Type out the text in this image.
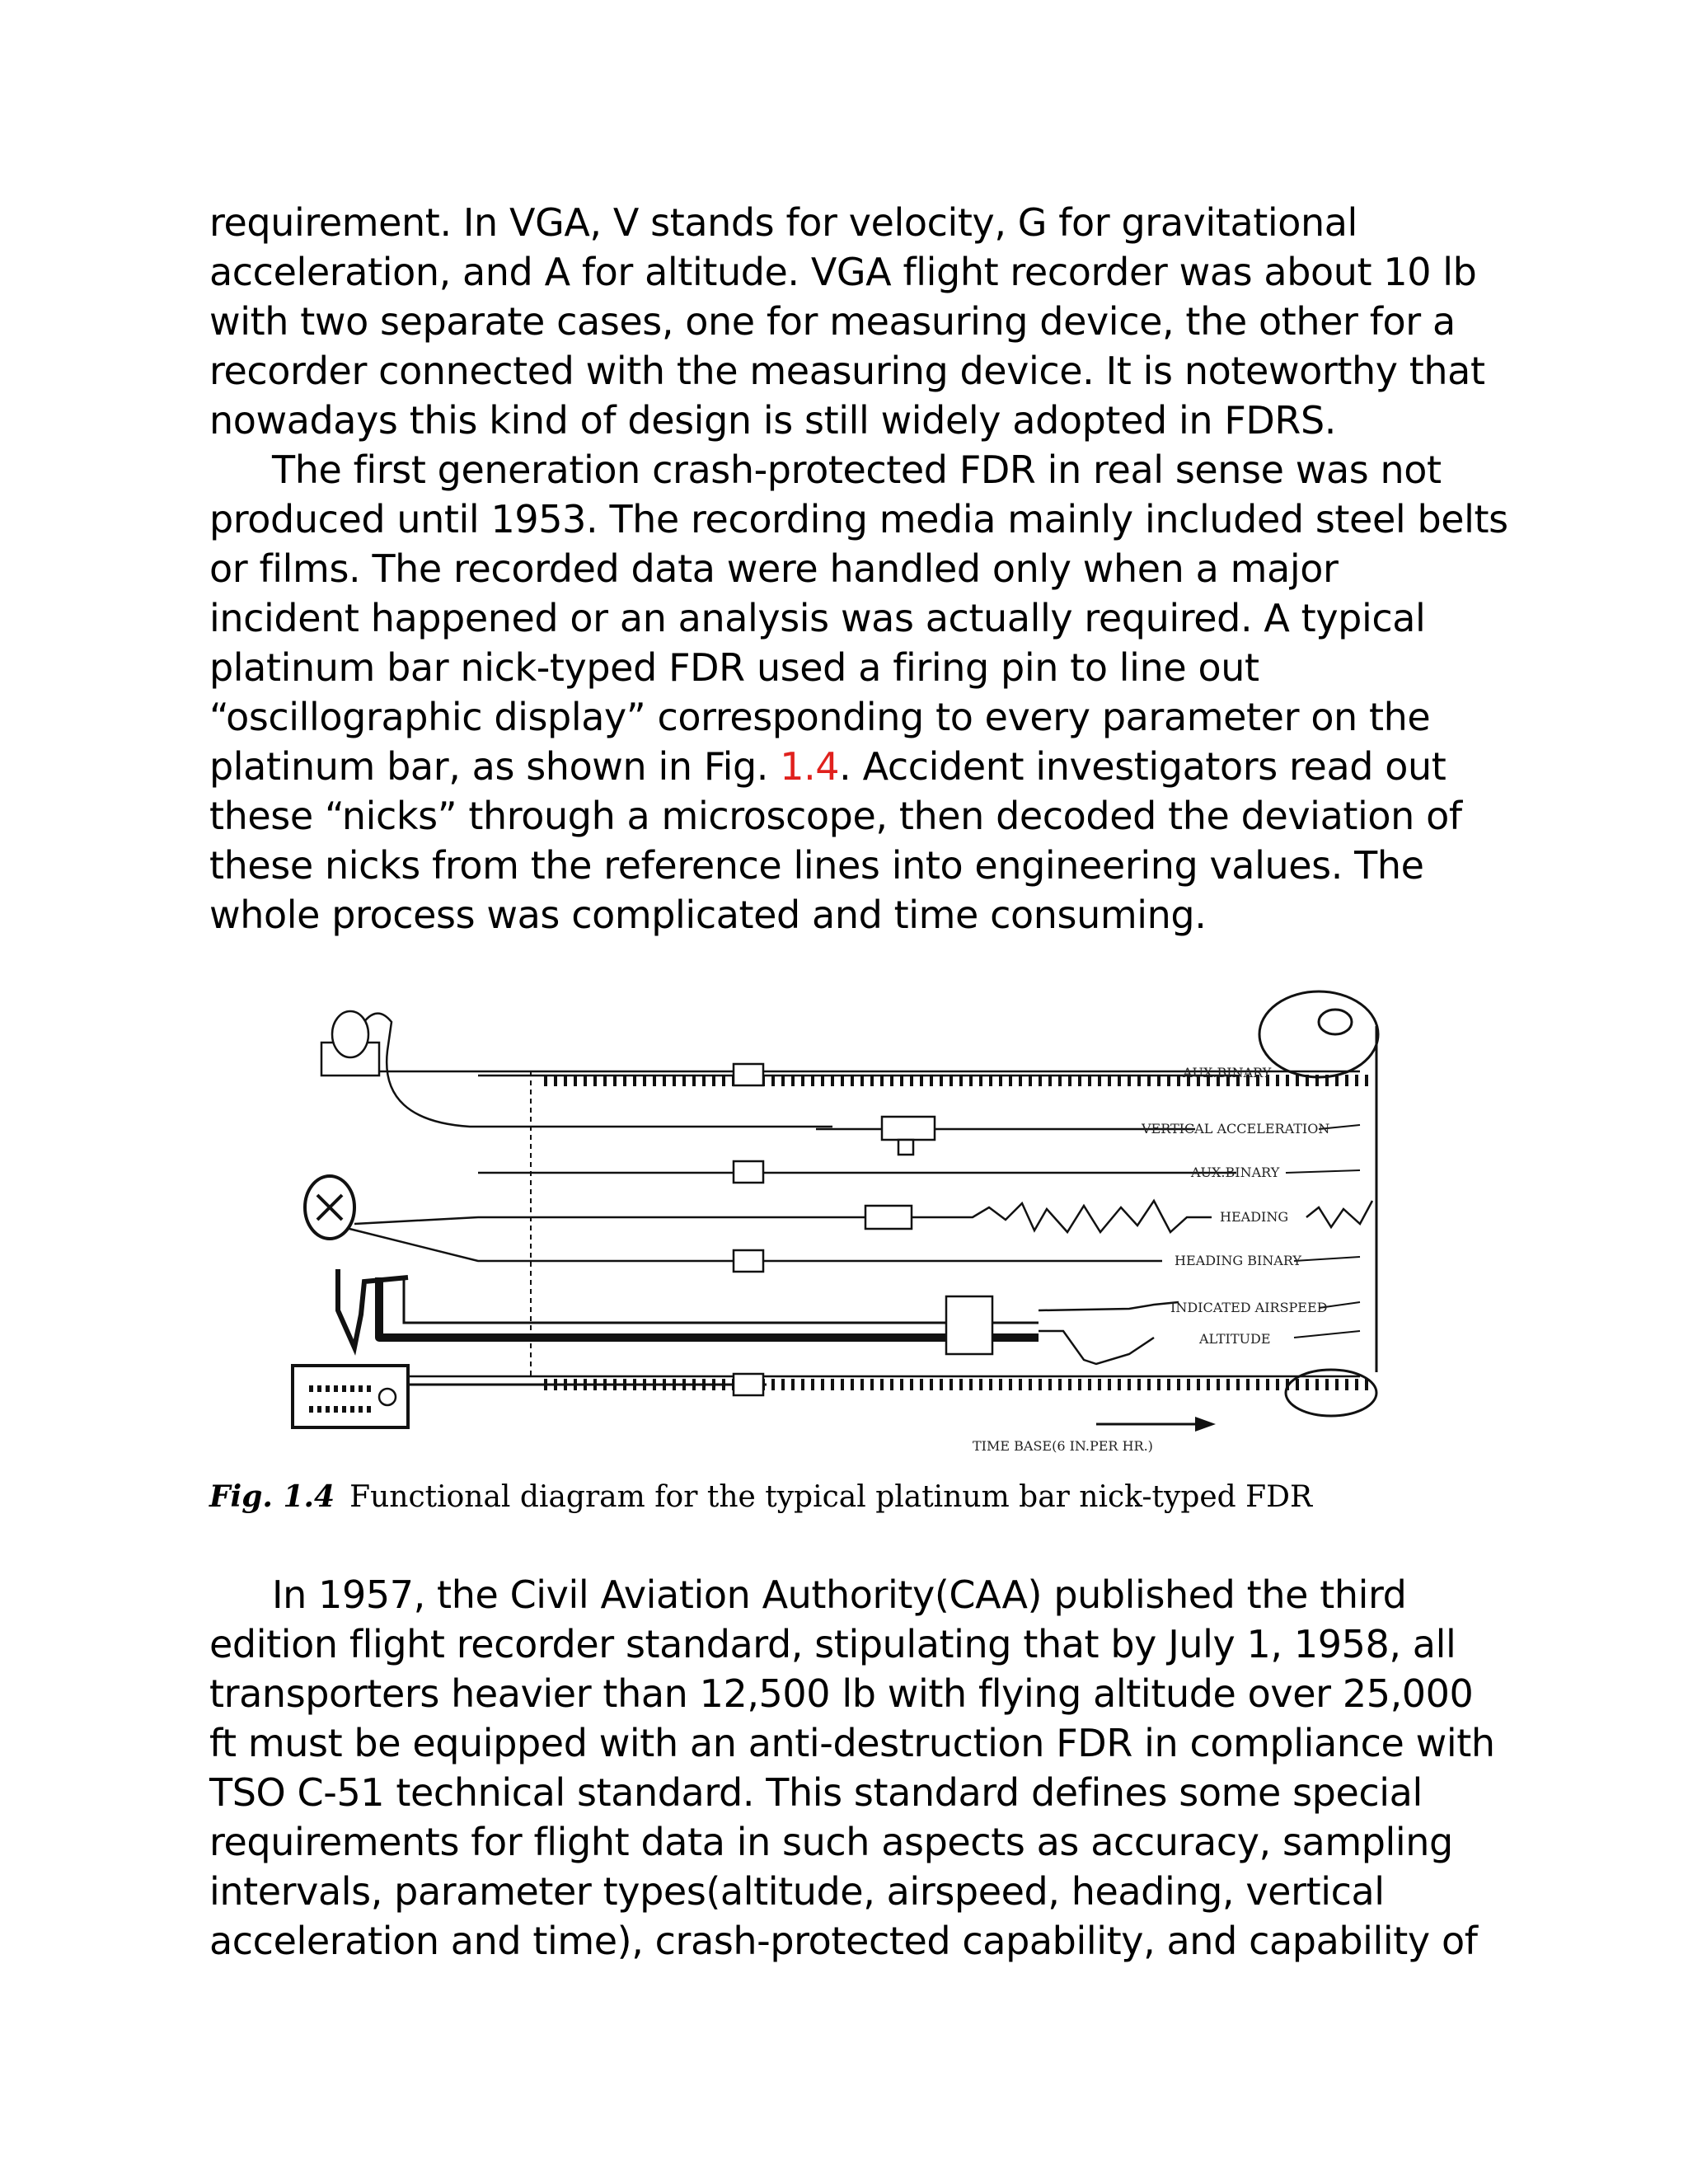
requirement. In VGA, V stands for velocity, G for gravitational
acceleration, and A for altitude. VGA flight recorder was about 10 lb
with two separate cases, one for measuring device, the other for a
recorder connected with the measuring device. It is noteworthy that
nowadays this kind of design is still widely adopted in FDRS.
The first generation crash-protected FDR in real sense was not
produced until 1953. The recording media mainly included steel belts
or films. The recorded data were handled only when a major
incident happened or an analysis was actually required. A typical
platinum bar nick-typed FDR used a firing pin to line out
“oscillographic display” corresponding to every parameter on the
platinum bar, as shown in Fig. 1.4. Accident investigators read out
these “nicks” through a microscope, then decoded the deviation of
these nicks from the reference lines into engineering values. The
whole process was complicated and time consuming.
AUX.BINARY
VERTICAL ACCELERATION
AUX.BINARY
HEADING
HEADING BINARY
INDICATED AIRSPEED
ALTITUDE
TIME BASE(6 IN.PER HR.)
Fig. 1.4 Functional diagram for the typical platinum bar nick-typed FDR
In 1957, the Civil Aviation Authority(CAA) published the third
edition flight recorder standard, stipulating that by July 1, 1958, all
transporters heavier than 12,500 lb with flying altitude over 25,000
ft must be equipped with an anti-destruction FDR in compliance with
TSO C-51 technical standard. This standard defines some special
requirements for flight data in such aspects as accuracy, sampling
intervals, parameter types(altitude, airspeed, heading, vertical
acceleration and time), crash-protected capability, and capability of
